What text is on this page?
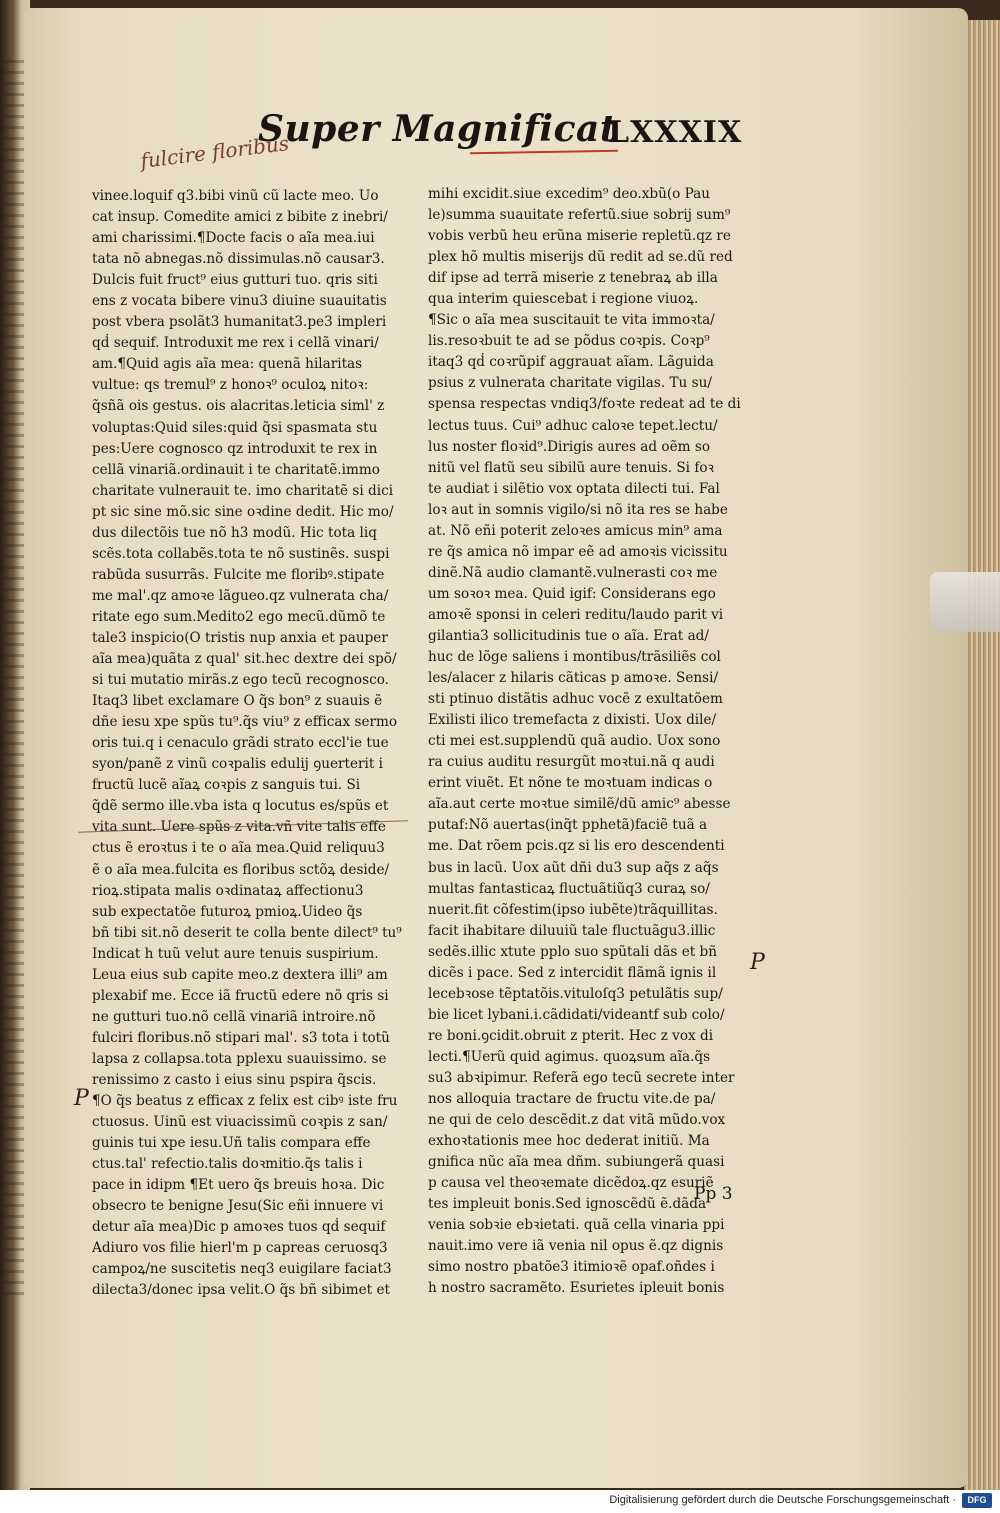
fulcire floribus
Super Magnificat
LXXXIX
vinee.loquif q3.bibi vinũ cũ lacte meo. Uo
cat insup. Comedite amici z bibite z inebri/
ami charissimi.¶Docte facis o aĩa mea.iui
tata nõ abnegas.nõ dissimulas.nõ causar3.
Dulcis fuit fruct⁹ eius gutturi tuo. qris siti
ens z vocata bibere vinu3 diuine suauitatis
post vbera psolãt3 humanitat3.pe3 impleri
qḋ sequif. Introduxit me rex i cellã vinari/
am.¶Quid agis aĩa mea: quenã hilaritas
vultue: qs tremul⁹ z honoꝛ⁹ oculoꝝ nitoꝛ:
q̃sñã ois gestus. ois alacritas.leticia siml' z
voluptas:Quid siles:quid q̃si spasmata stu
pes:Uere cognosco qz introduxit te rex in
cellã vinariã.ordinauit i te charitatẽ.immo
charitate vulnerauit te. imo charitatẽ si dici
pt sic sine mõ.sic sine oꝛdine dedit. Hic mo/
dus dilectõis tue nõ h3 modũ. Hic tota liq
scẽs.tota collabẽs.tota te nõ sustinẽs. suspi
rabũda susurrãs. Fulcite me floribꝰ.stipate
me mal'.qz amoꝛe lãgueo.qz vulnerata cha/
ritate ego sum.Medito2 ego mecũ.dũmõ te
tale3 inspicio(O tristis nup anxia et pauper
aĩa mea)quãta z qual' sit.hec dextre dei spõ/
si tui mutatio mirãs.z ego tecũ recognosco.
Itaq3 libet exclamare O q̃s bon⁹ z suauis ẽ
dñe iesu xpe spũs tu⁹.q̃s viu⁹ z efficax sermo
oris tui.q i cenaculo grãdi strato eccl'ie tue
syon/panẽ z vinũ coꝛpalis edulij ꝯuerterit i
fructũ lucẽ aĩaꝝ coꝛpis z sanguis tui. Si
q̃dẽ sermo ille.vba ista q locutus es/spũs et
vita sunt. Uere spũs z vita.vñ vite talis effe
ctus ẽ eroꝛtus i te o aĩa mea.Quid reliquu3
ẽ o aĩa mea.fulcita es floribus sctõꝝ deside/
rioꝝ.stipata malis oꝛdinataꝝ affectionu3
sub expectatõe futuroꝝ pmioꝝ.Uideo q̃s
bñ tibi sit.nõ deserit te colla bente dilect⁹ tu⁹
Indicat h tuũ velut aure tenuis suspirium.
Leua eius sub capite meo.z dextera illi⁹ am
plexabif me. Ecce iã fructũ edere nõ qris si
ne gutturi tuo.nõ cellã vinariã introire.nõ
fulciri floribus.nõ stipari mal'. s3 tota i totũ
lapsa z collapsa.tota pplexu suauissimo. se
renissimo z casto i eius sinu pspira q̃scis.
¶O q̃s beatus z efficax z felix est cibꝰ iste fru
ctuosus. Uinũ est viuacissimũ coꝛpis z san/
guinis tui xpe iesu.Uñ talis compara effe
ctus.tal' refectio.talis doꝛmitio.q̃s talis i
pace in idipm ¶Et uero q̃s breuis hoꝛa. Dic
obsecro te benigne Jesu(Sic eñi innuere vi
detur aĩa mea)Dic p amoꝛes tuos qḋ sequif
Adiuro vos filie hierl'm p capreas ceruosq3
campoꝝ/ne suscitetis neq3 euigilare faciat3
dilecta3/donec ipsa velit.O q̃s bñ sibimet et
mihi excidit.siue excedim⁹ deo.xbũ(o Pau
le)summa suauitate refertũ.siue sobrij sum⁹
vobis verbũ heu erũna miserie repletũ.qz re
plex hõ multis miserijs dũ redit ad se.dũ red
dif ipse ad terrã miserie z tenebraꝝ ab illa
qua interim quiescebat i regione viuoꝝ.
¶Sic o aĩa mea suscitauit te vita immoꝛta/
lis.resoꝛbuit te ad se põdus coꝛpis. Coꝛp⁹
itaq3 qḋ coꝛrũpif aggrauat aĩam. Lãguida
psius z vulnerata charitate vigilas. Tu su/
spensa respectas vndiq3/foꝛte redeat ad te di
lectus tuus. Cui⁹ adhuc caloꝛe tepet.lectu/
lus noster floꝛid⁹.Dirigis aures ad oẽm so
nitũ vel flatũ seu sibilũ aure tenuis. Si foꝛ
te audiat i silẽtio vox optata dilecti tui. Fal
loꝛ aut in somnis vigilo/si nõ ita res se habe
at. Nõ eñi poterit zeloꝛes amicus min⁹ ama
re q̃s amica nõ impar eẽ ad amoꝛis vicissitu
dinẽ.Nã audio clamantẽ.vulnerasti coꝛ me
um soꝛoꝛ mea. Quid igif: Considerans ego
amoꝛẽ sponsi in celeri reditu/laudo parit vi
gilantia3 sollicitudinis tue o aĩa. Erat ad/
huc de lõge saliens i montibus/trãsiliẽs col
les/alacer z hilaris cãticas p amoꝛe. Sensi/
sti ptinuo distãtis adhuc vocẽ z exultatõem
Exilisti ilico tremefacta z dixisti. Uox dile/
cti mei est.supplendũ quã audio. Uox sono
ra cuius auditu resurgũt moꝛtui.nã q audi
erint viuẽt. Et nõne te moꝛtuam indicas o
aĩa.aut certe moꝛtue similẽ/dũ amic⁹ abesse
putaf:Nõ auertas(inq̃t pphetã)faciẽ tuã a
me. Dat rõem pcis.qz si lis ero descendenti
bus in lacũ. Uox aũt dñi du3 sup aq̃s z aq̃s
multas fantasticaꝝ fluctuãtiũq3 curaꝝ so/
nuerit.fit cõfestim(ipso iubẽte)trãquillitas.
facit ihabitare diluuiũ tale fluctuãgu3.illic
sedẽs.illic xtute pplo suo spũtali dãs et bñ
dicẽs i pace. Sed z intercidit flãmã ignis il
lecebꝛose tẽptatõis.vituloſq3 petulãtis sup/
bie licet lybani.i.cãdidati/videantf sub colo/
re boni.ꝯcidit.obruit z pterit. Hec z vox di
lecti.¶Uerũ quid agimus. quoꝝsum aĩa.q̃s
su3 abꝛipimur. Referã ego tecũ secrete inter
nos alloquia tractare de fructu vite.de pa/
ne qui de celo descẽdit.z dat vitã mũdo.vox
exhoꝛtationis mee hoc dederat initiũ. Ma
gnifica nũc aĩa mea dñm. subiungerã quasi
p causa vel theoꝛemate dicẽdoꝝ.qz esuriẽ
tes impleuit bonis.Sed ignoscẽdũ ẽ.dãda
venia sobꝛie ebꝛietati. quã cella vinaria ppi
nauit.imo vere iã venia nil opus ẽ.qz dignis
simo nostro pbatõe3 itimioꝛẽ opaf.oñdes i
h nostro sacramẽto. Esurietes ipleuit bonis
P
P
Pp 3
Digitalisierung gefördert durch die Deutsche Forschungsgemeinschaft ·	DFG
